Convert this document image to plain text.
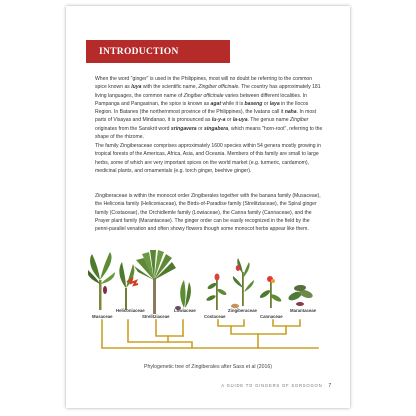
INTRODUCTION

When the word "ginger" is used in the Philippines, most will no doubt be referring to the common spice known as luya with the scientific name, Zingiber officinale. The country has approximately 181 living languages, the common name of Zingiber officinale varies between different localities. In Pampanga and Pangasinan, the spice is known as agat while it is baseng or laya in the Ilocos Region. In Batanes (the northernmost province of the Philippines), the Ivatans call it naha. In most parts of Visayas and Mindanao, it is pronounced as lu-y-a or la-uya. The genus name Zingiber originates from the Sanskrit word sringavera or singabera, which means "horn-root", referring to the shape of the rhizome.

The family Zingiberaceae comprises approximately 1600 species within 54 genera mostly growing in tropical forests of the Americas, Africa, Asia, and Oceania. Members of this family are small to large herbs, some of which are very important spices on the world market (e.g. turmeric, cardamom), medicinal plants, and ornamentals (e.g. torch ginger, beehive ginger).

Zingiberaceae is within the monocot order Zingiberales together with the banana family (Musaceae), the Heliconia family (Heliconiaceae), the Birds-of-Paradise family (Strelitziaceae), the Spiral ginger family (Costaceae), the Orchidlemle family (Lowiaceae), the Canna family (Cannaceae), and the Prayer plant family (Marantaceae). The ginger order can be easily recognized in the field by the penni-parallel venation and often showy flowers though some monocot herbs appear like them.

Musaceae
Heliconiaceae
Strelitziaceae
Lowiaceae
Costaceae
Zingiberaceae
Cannaceae
Marantaceae
Phylogenetic tree of Zingiberales after Sass et al (2016)
A GUIDE TO GINGERS OF SORSOGON 7
